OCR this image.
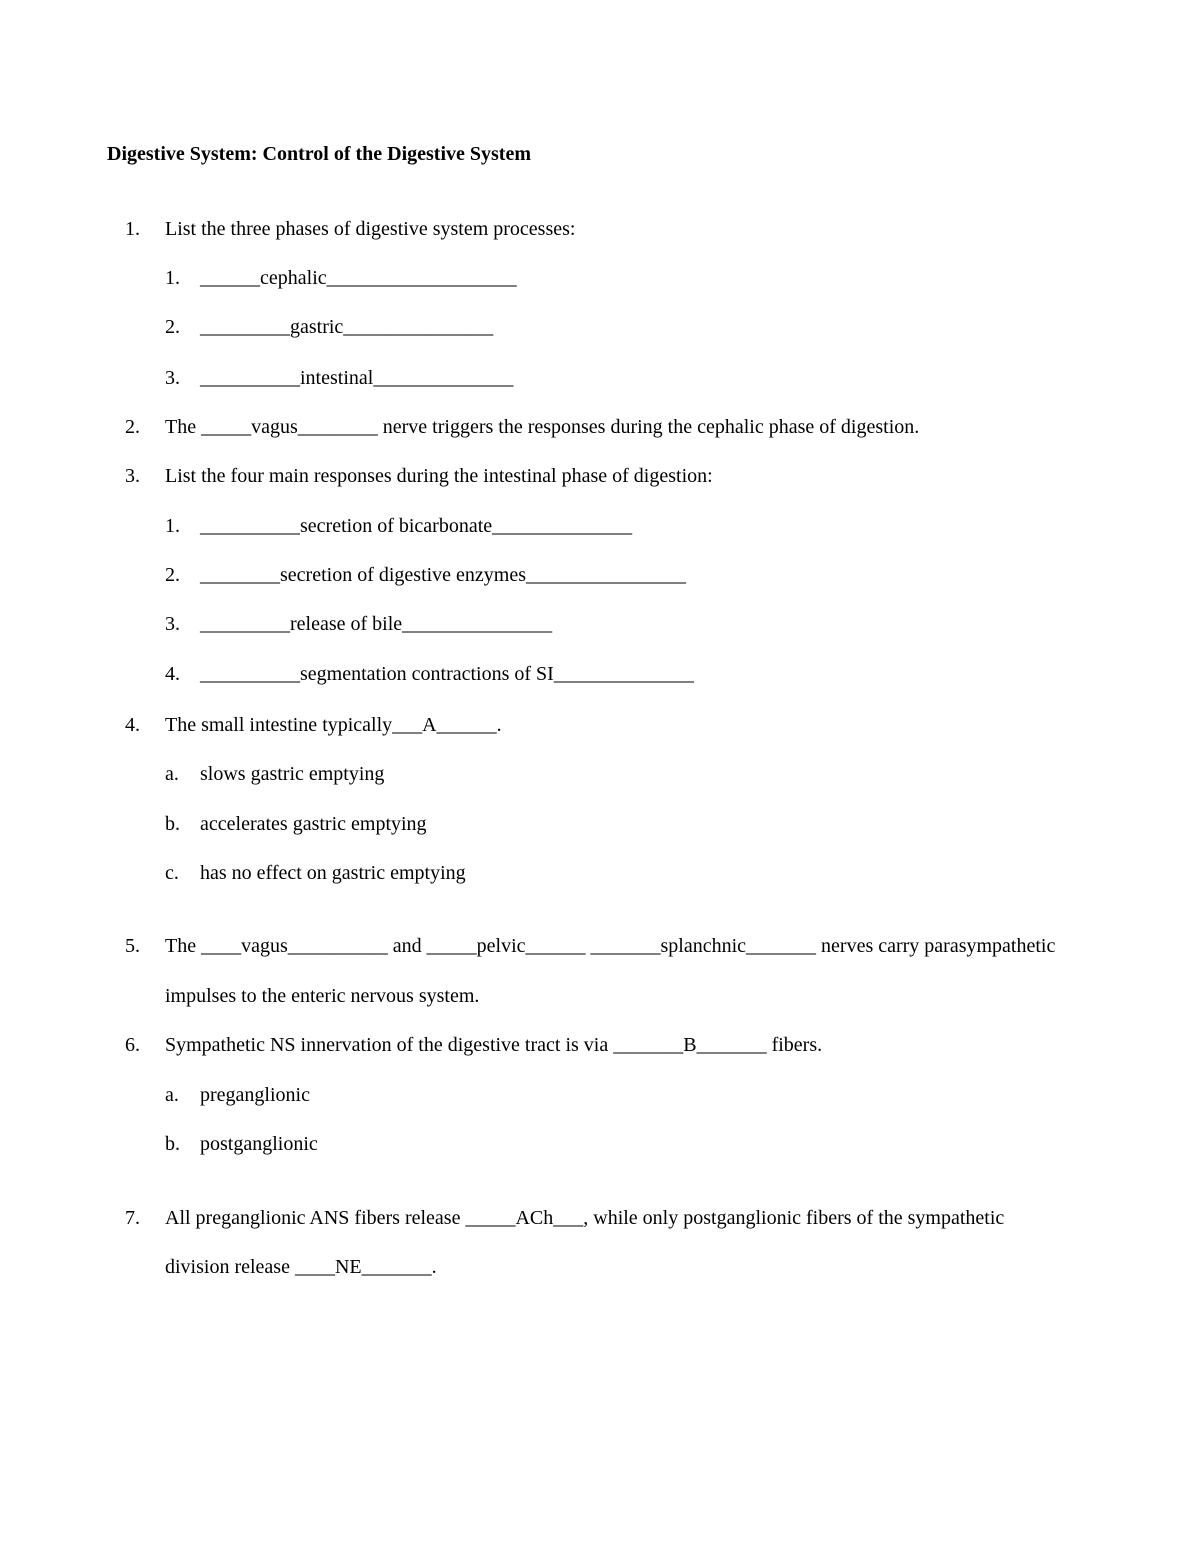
Digestive System: Control of the Digestive System
1. List the three phases of digestive system processes:
1. ______cephalic___________________
2. _________gastric_______________
3. __________intestinal______________
2. The _____vagus________ nerve triggers the responses during the cephalic phase of digestion.
3. List the four main responses during the intestinal phase of digestion:
1. __________secretion of bicarbonate______________
2. ________secretion of digestive enzymes________________
3. _________release of bile_______________
4. __________segmentation contractions of SI______________
4. The small intestine typically___A______.
a. slows gastric emptying
b. accelerates gastric emptying
c. has no effect on gastric emptying
5. The ____vagus__________ and _____pelvic______ _______splanchnic_______ nerves carry parasympathetic
impulses to the enteric nervous system.
6. Sympathetic NS innervation of the digestive tract is via _______B_______ fibers.
a. preganglionic
b. postganglionic
7. All preganglionic ANS fibers release _____ACh___, while only postganglionic fibers of the sympathetic
division release ____NE_______.
